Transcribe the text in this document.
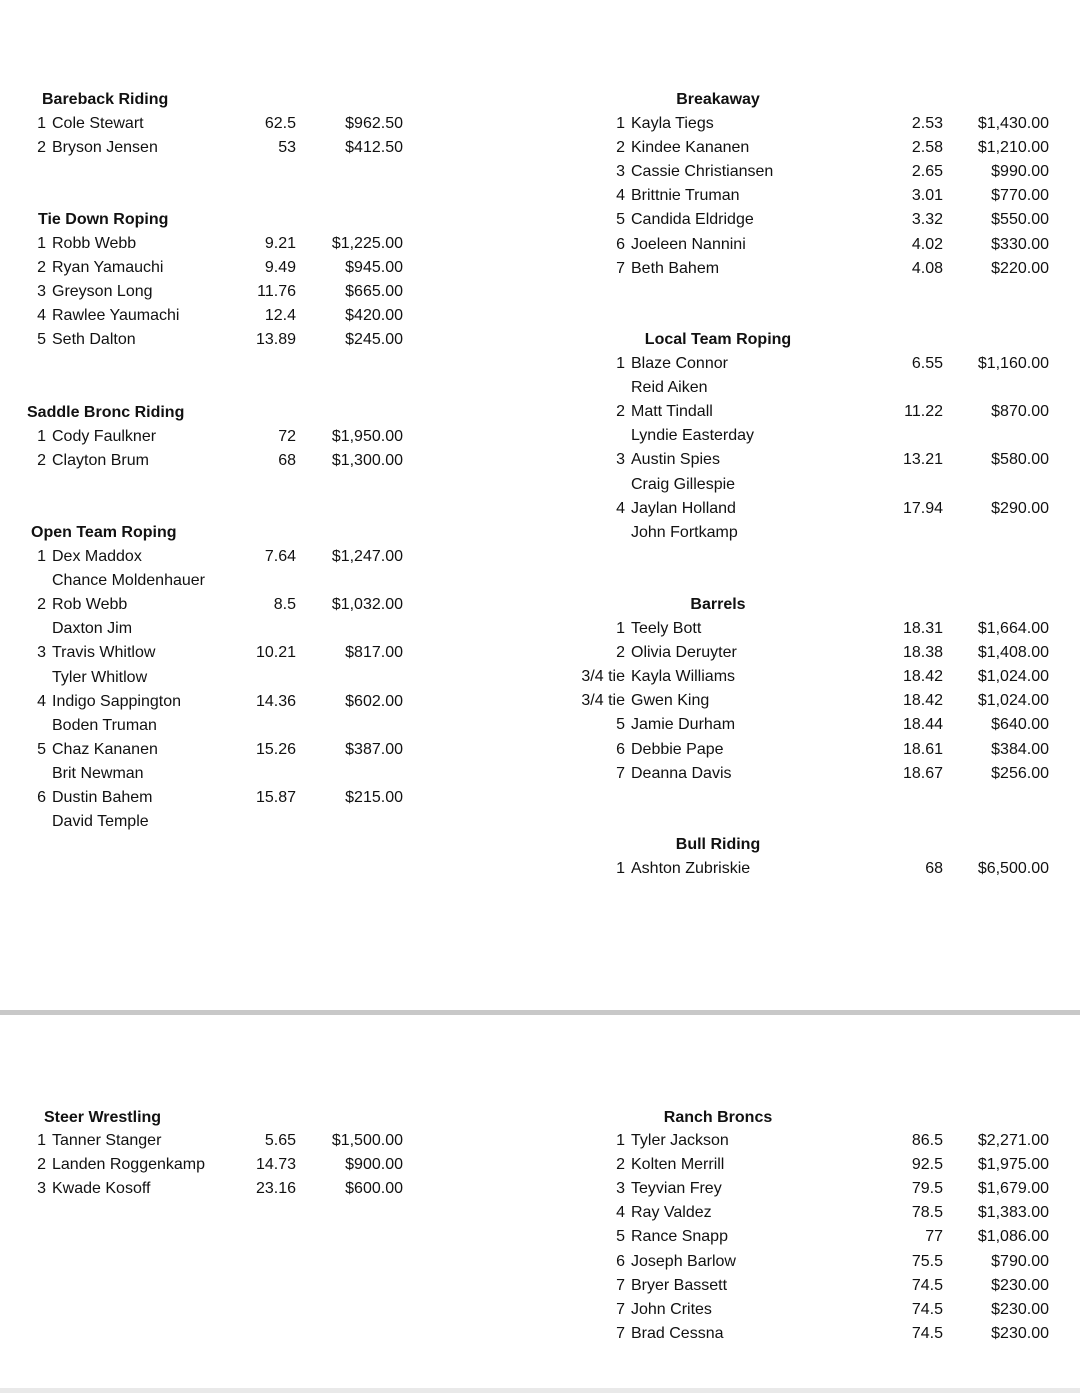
Bareback Riding
1 Cole Stewart	62.5	$962.50
2 Bryson Jensen	53	$412.50
Tie Down Roping
1 Robb Webb	9.21	$1,225.00
2 Ryan Yamauchi	9.49	$945.00
3 Greyson Long	11.76	$665.00
4 Rawlee Yaumachi	12.4	$420.00
5 Seth Dalton	13.89	$245.00
Saddle Bronc Riding
1 Cody Faulkner	72	$1,950.00
2 Clayton Brum	68	$1,300.00
Open Team Roping
1 Dex Maddox	7.64	$1,247.00
Chance Moldenhauer
2 Rob Webb	8.5	$1,032.00
Daxton Jim
3 Travis Whitlow	10.21	$817.00
Tyler Whitlow
4 Indigo Sappington	14.36	$602.00
Boden Truman
5 Chaz Kananen	15.26	$387.00
Brit Newman
6 Dustin Bahem	15.87	$215.00
David Temple
Breakaway
1 Kayla Tiegs	2.53	$1,430.00
2 Kindee Kananen	2.58	$1,210.00
3 Cassie Christiansen	2.65	$990.00
4 Brittnie Truman	3.01	$770.00
5 Candida Eldridge	3.32	$550.00
6 Joeleen Nannini	4.02	$330.00
7 Beth Bahem	4.08	$220.00
Local Team Roping
1 Blaze Connor	6.55	$1,160.00
Reid Aiken
2 Matt Tindall	11.22	$870.00
Lyndie Easterday
3 Austin Spies	13.21	$580.00
Craig Gillespie
4 Jaylan Holland	17.94	$290.00
John Fortkamp
Barrels
1 Teely Bott	18.31	$1,664.00
2 Olivia Deruyter	18.38	$1,408.00
3/4 tie Kayla Williams	18.42	$1,024.00
3/4 tie Gwen King	18.42	$1,024.00
5 Jamie Durham	18.44	$640.00
6 Debbie Pape	18.61	$384.00
7 Deanna Davis	18.67	$256.00
Bull Riding
1 Ashton Zubriskie	68	$6,500.00
Steer Wrestling
1 Tanner Stanger	5.65	$1,500.00
2 Landen Roggenkamp	14.73	$900.00
3 Kwade Kosoff	23.16	$600.00
Ranch Broncs
1 Tyler Jackson	86.5	$2,271.00
2 Kolten Merrill	92.5	$1,975.00
3 Teyvian Frey	79.5	$1,679.00
4 Ray Valdez	78.5	$1,383.00
5 Rance Snapp	77	$1,086.00
6 Joseph Barlow	75.5	$790.00
7 Bryer Bassett	74.5	$230.00
7 John Crites	74.5	$230.00
7 Brad Cessna	74.5	$230.00
